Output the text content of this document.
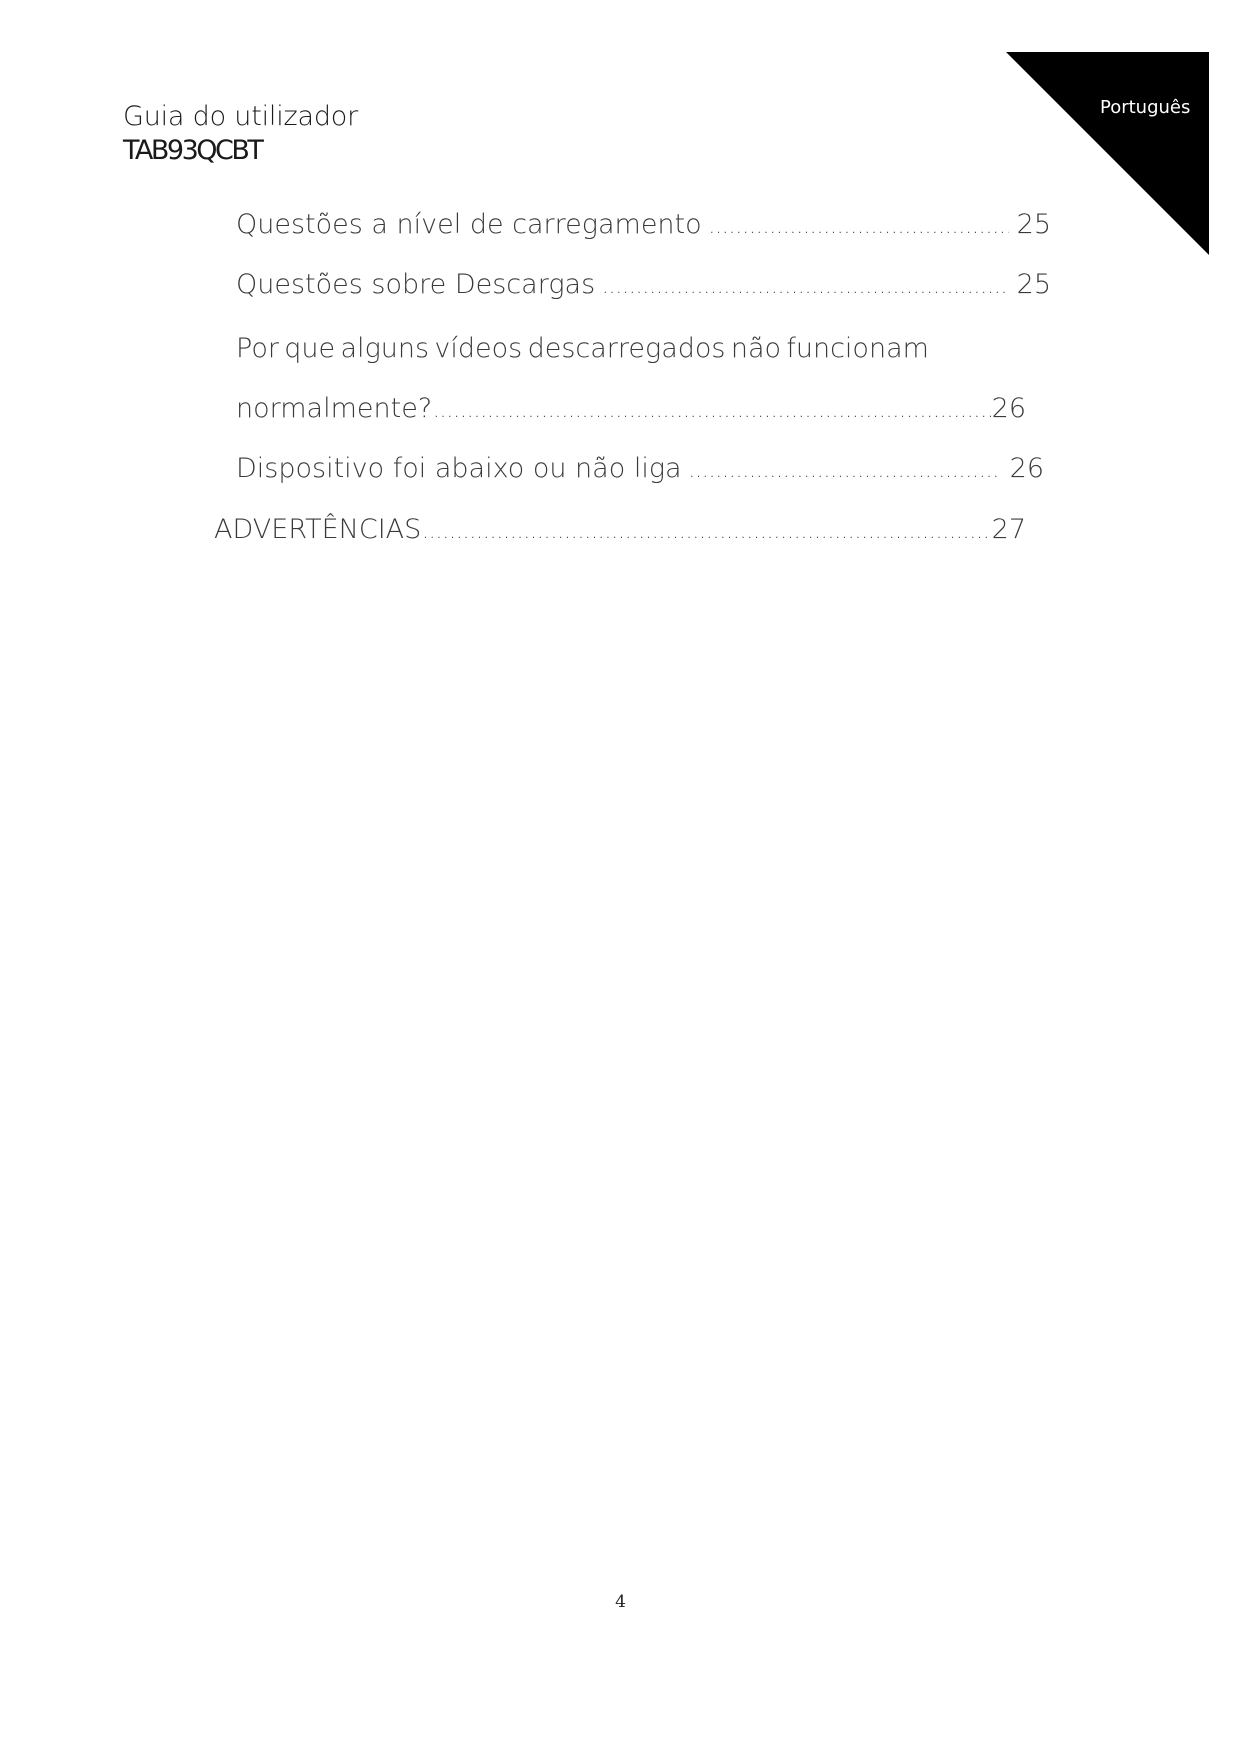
Guia do utilizador
TAB93QCBT
Português
Questões a nível de carregamento .....	25
Questões sobre Descargas .....	25
Por que alguns vídeos descarregados não funcionam
normalmente? .....	26
Dispositivo foi abaixo ou não liga .....	26
ADVERTÊNCIAS .....	27
4
